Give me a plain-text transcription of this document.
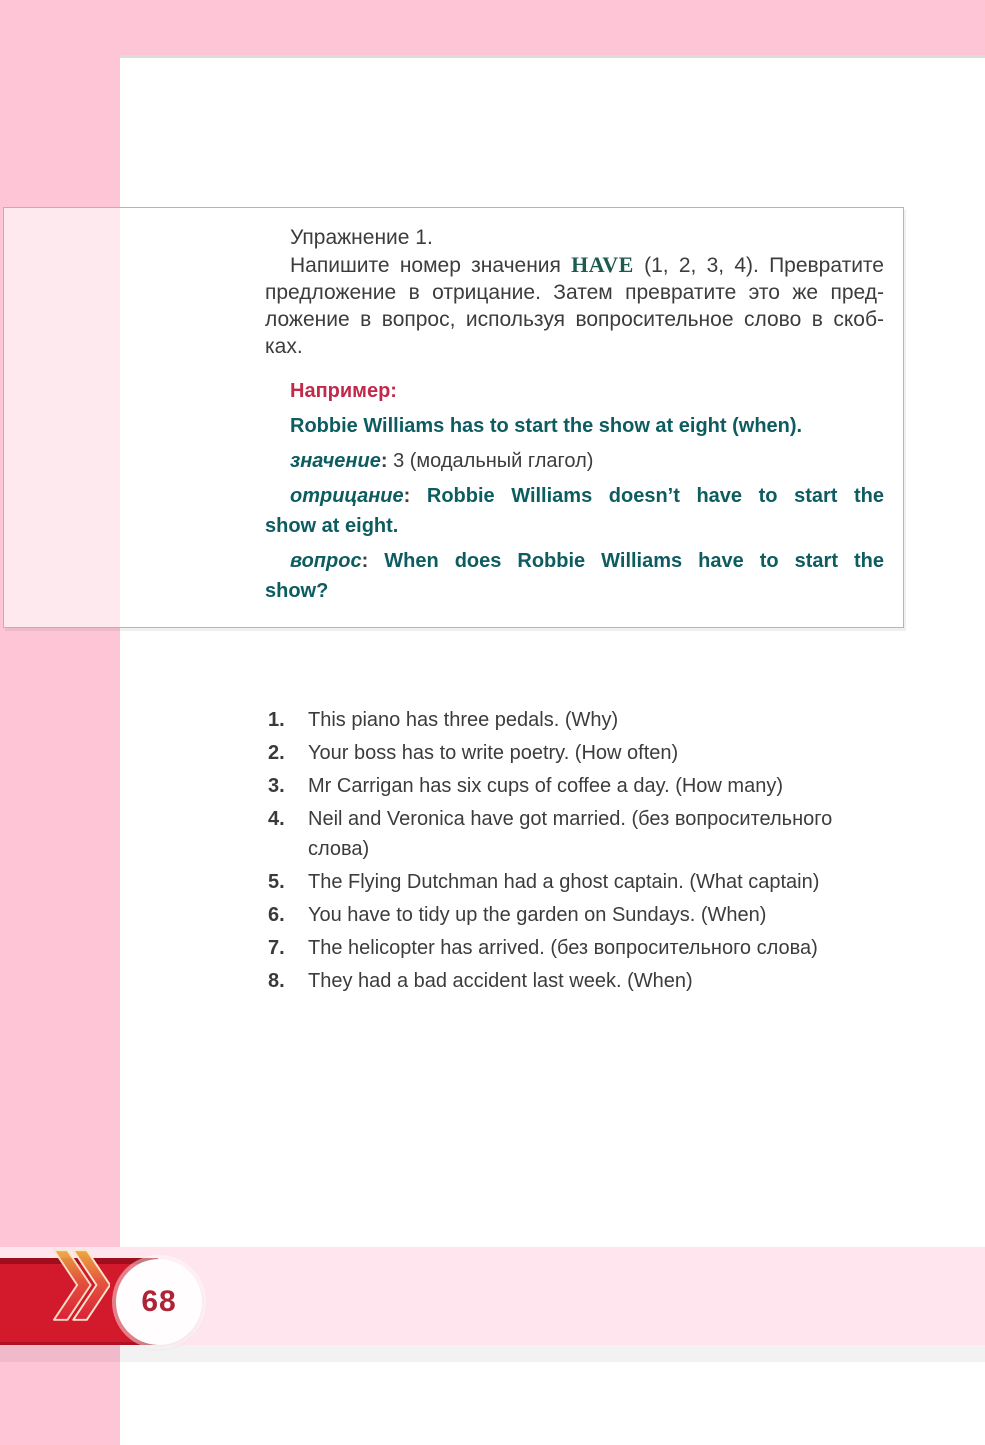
Упражнение 1.
Напишите номер значения HAVE (1, 2, 3, 4). Превратите
предложение в отрицание. Затем превратите это же пред-
ложение в вопрос, используя вопросительное слово в скоб-
ках.
Например:
Robbie Williams has to start the show at eight (when).
значение: 3 (модальный глагол)
отрицание: Robbie Williams doesn’t have to start the
show at eight.
вопрос: When does Robbie Williams have to start the
show?
1.	This piano has three pedals. (Why)
2.	Your boss has to write poetry. (How often)
3.	Mr Carrigan has six cups of coffee a day. (How many)
4.	Neil and Veronica have got married. (без вопросительного слова)
5.	The Flying Dutchman had a ghost captain. (What captain)
6.	You have to tidy up the garden on Sundays. (When)
7.	The helicopter has arrived. (без вопросительного слова)
8.	They had a bad accident last week. (When)
68
